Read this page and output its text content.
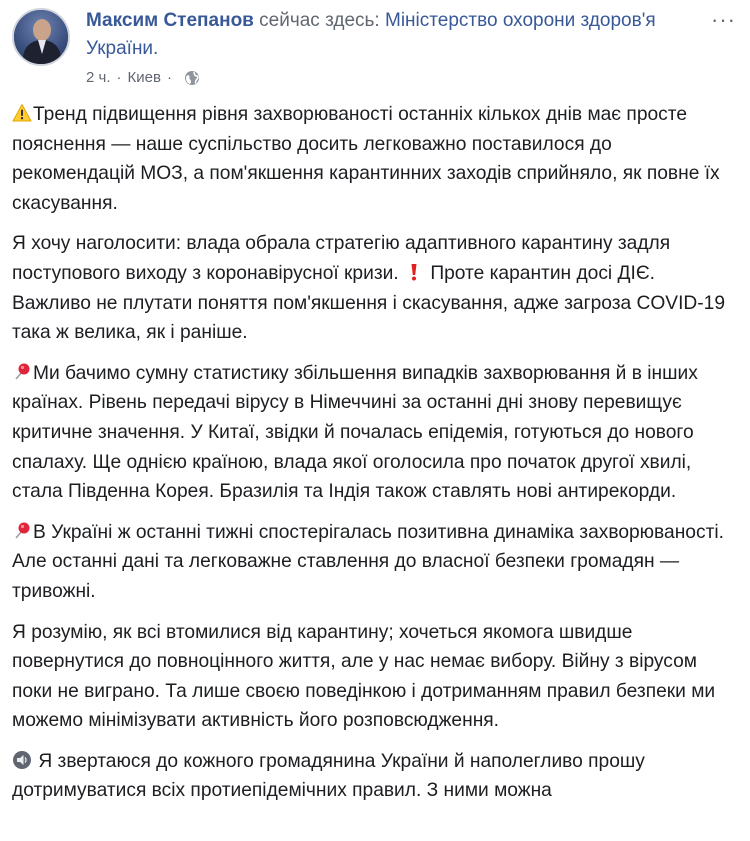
Максим Степанов сейчас здесь: Міністерство охорони здоров'я України.
2 ч. · Киев ·
···

Тренд підвищення рівня захворюваності останніх кількох днів має просте пояснення — наше суспільство досить легковажно поставилося до рекомендацій МОЗ, а пом'якшення карантинних заходів сприйняло, як повне їх скасування.

Я хочу наголосити: влада обрала стратегію адаптивного карантину задля поступового виходу з коронавірусної кризи.  Проте карантин досі ДІЄ. Важливо не плутати поняття пом'якшення і скасування, адже загроза COVID-19 така ж велика, як і раніше.

Ми бачимо сумну статистику збільшення випадків захворювання й в інших країнах. Рівень передачі вірусу в Німеччині за останні дні знову перевищує критичне значення. У Китаї, звідки й почалась епідемія, готуються до нового спалаху. Ще однією країною, влада якої оголосила про початок другої хвилі, стала Південна Корея. Бразилія та Індія також ставлять нові антирекорди.

В Україні ж останні тижні спостерігалась позитивна динаміка захворюваності. Але останні дані та легковажне ставлення до власної безпеки громадян — тривожні.

Я розумію, як всі втомилися від карантину; хочеться якомога швидше повернутися до повноцінного життя, але у нас немає вибору. Війну з вірусом поки не виграно. Та лише своєю поведінкою і дотриманням правил безпеки ми можемо мінімізувати активність його розповсюдження.

Я звертаюся до кожного громадянина України й наполегливо прошу дотримуватися всіх протиепідемічних правил. З ними можна
